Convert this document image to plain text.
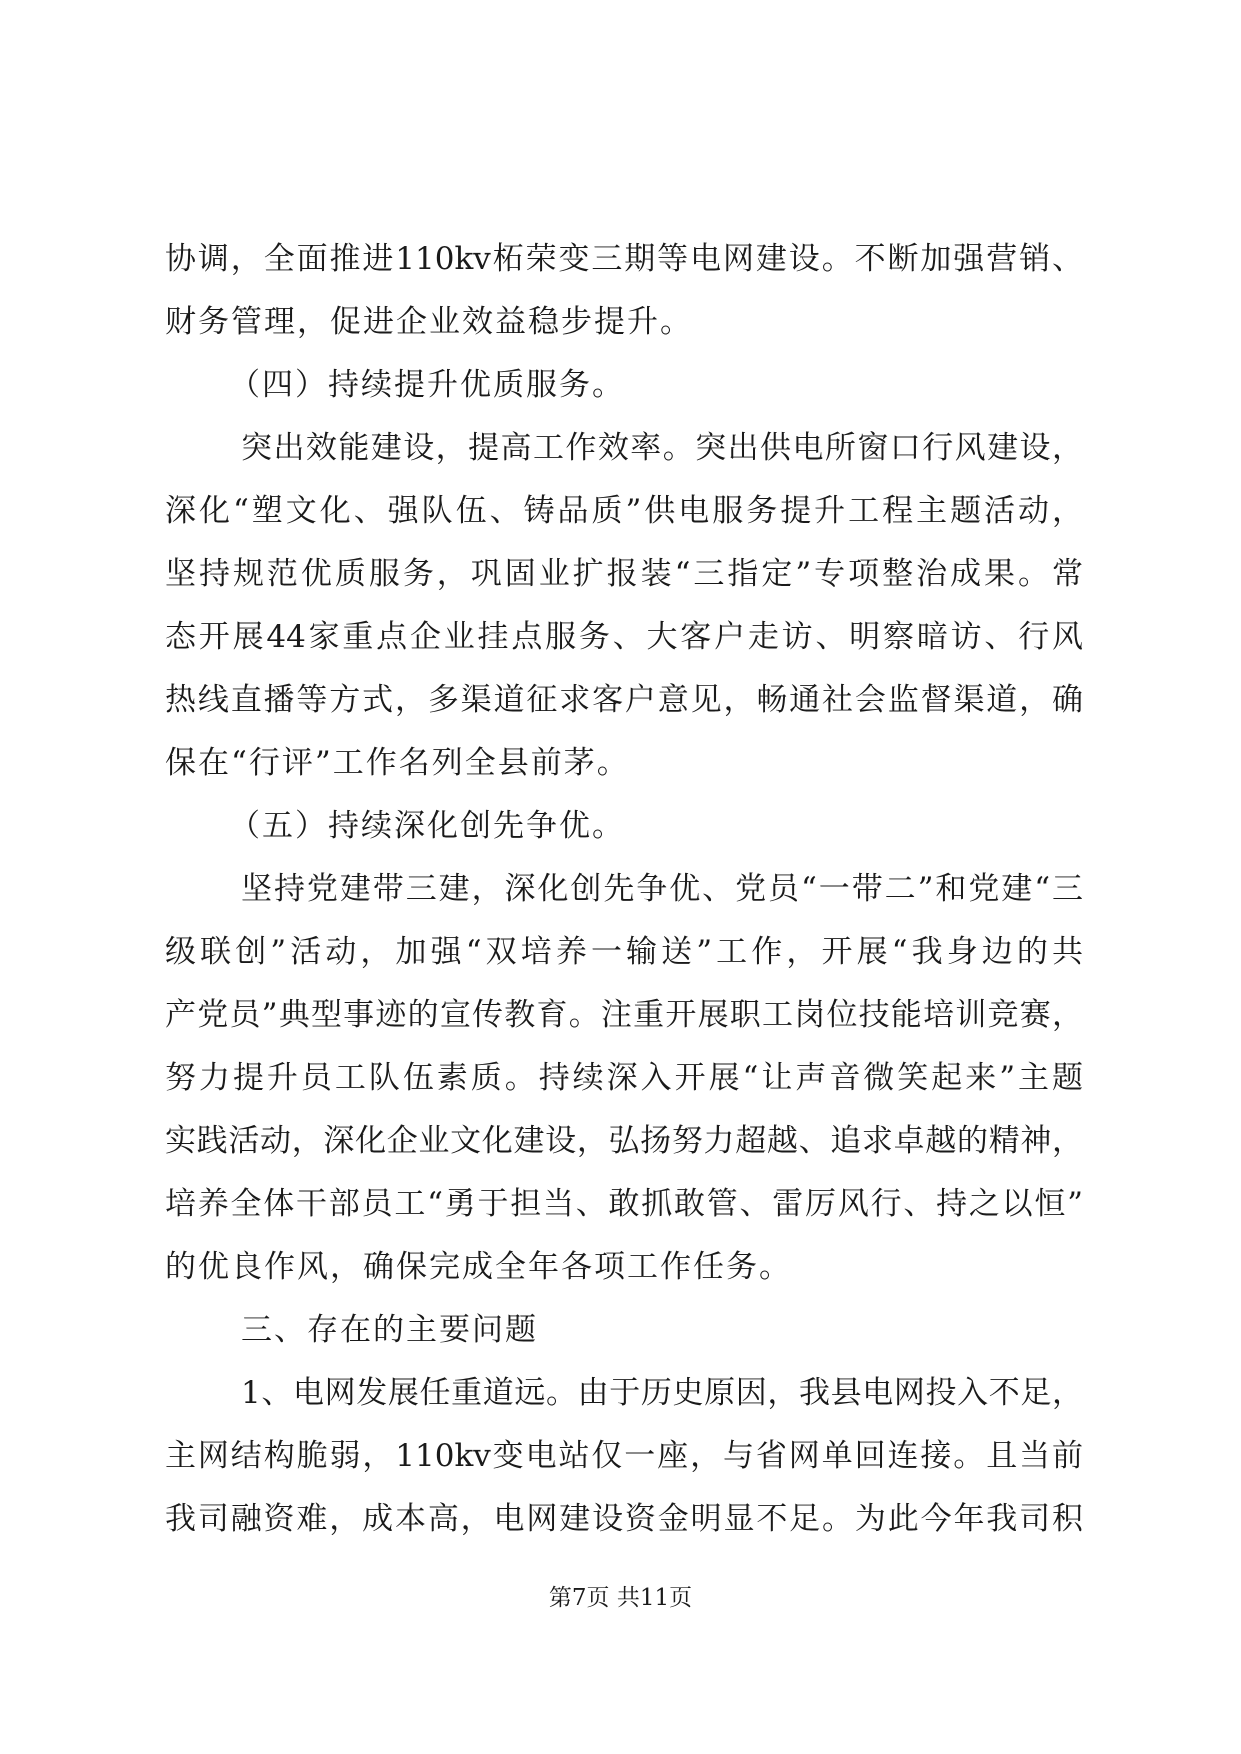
协调，全面推进110kv柘荣变三期等电网建设。不断加强营销、
财务管理，促进企业效益稳步提升。
（四）持续提升优质服务。
突出效能建设，提高工作效率。突出供电所窗口行风建设，
深化“塑文化、强队伍、铸品质”供电服务提升工程主题活动，
坚持规范优质服务，巩固业扩报装“三指定”专项整治成果。常
态开展44家重点企业挂点服务、大客户走访、明察暗访、行风
热线直播等方式，多渠道征求客户意见，畅通社会监督渠道，确
保在“行评”工作名列全县前茅。
（五）持续深化创先争优。
坚持党建带三建，深化创先争优、党员“一带二”和党建“三
级联创”活动，加强“双培养一输送”工作，开展“我身边的共
产党员”典型事迹的宣传教育。注重开展职工岗位技能培训竞赛，
努力提升员工队伍素质。持续深入开展“让声音微笑起来”主题
实践活动，深化企业文化建设，弘扬努力超越、追求卓越的精神，
培养全体干部员工“勇于担当、敢抓敢管、雷厉风行、持之以恒”
的优良作风，确保完成全年各项工作任务。
三、存在的主要问题
1、电网发展任重道远。由于历史原因，我县电网投入不足，
主网结构脆弱，110kv变电站仅一座，与省网单回连接。且当前
我司融资难，成本高，电网建设资金明显不足。为此今年我司积
第7页 共11页
